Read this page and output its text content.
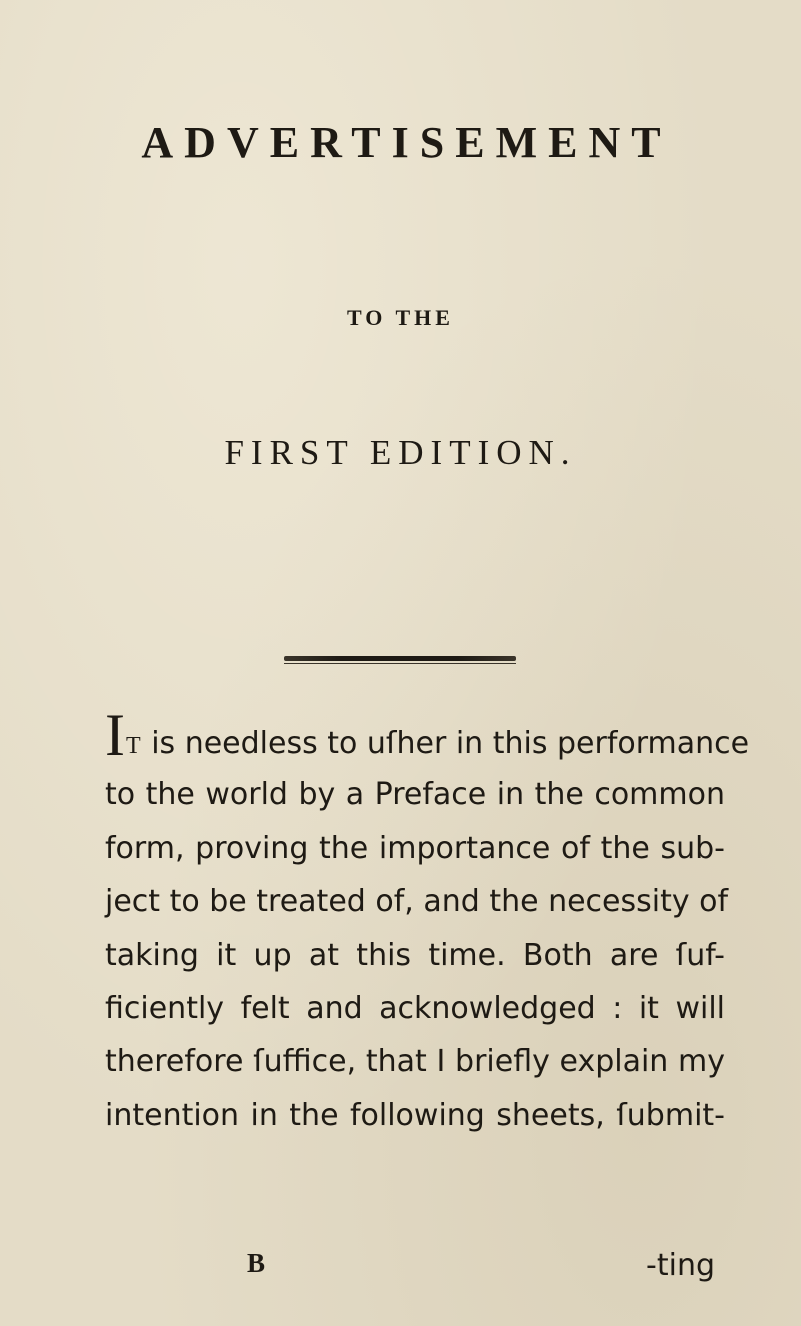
ADVERTISEMENT
TO THE
FIRST EDITION.
IT is needless to uſher in this performance
to the world by a Preface in the common
form, proving the importance of the sub-
ject to be treated of, and the necessity of
taking it up at this time. Both are ſuf-
ficiently felt and acknowledged : it will
therefore ſuffice, that I briefly explain my
intention in the following sheets, ſubmit-
B	-ting
